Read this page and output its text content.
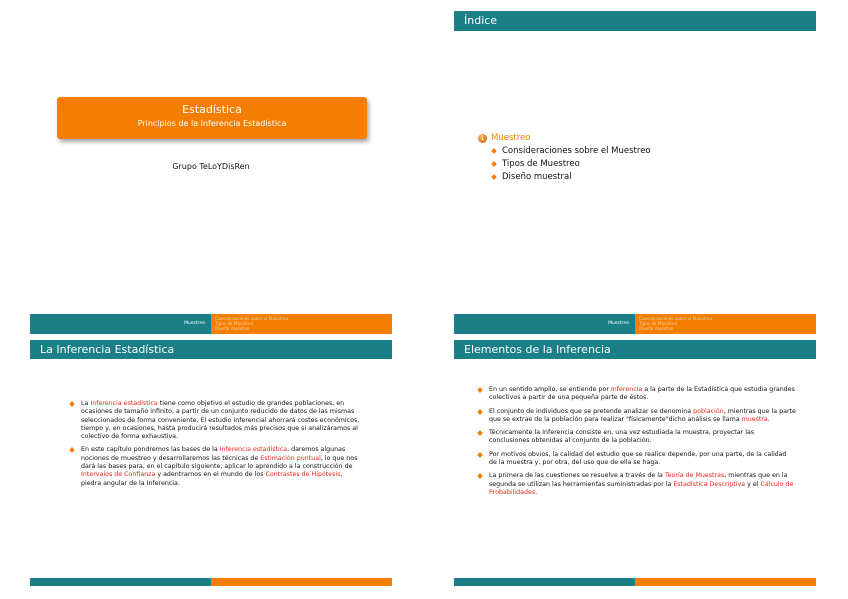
Estadística
Principios de la Inferencia Estadística
Grupo TeLoYDisRen
Índice
1 Muestreo
Consideraciones sobre el Muestreo
Tipos de Muestreo
Diseño muestral
Muestreo
Consideraciones sobre el Muestreo
Tipos de Muestreo
Diseño muestral
La Inferencia Estadística
La Inferencia estadística tiene como objetivo el estudio de grandes poblaciones, en ocasiones de tamaño infinito, a partir de un conjunto reducido de datos de las mismas seleccionados de forma conveniente. El estudio inferencial ahorrará costes económicos, tiempo y, en ocasiones, hasta producirá resultados más precisos que si analizáramos al colectivo de forma exhaustiva.
En este capítulo pondremos las bases de la Inferencia estadística, daremos algunas nociones de muestreo y desarrollaremos las técnicas de Estimación puntual, lo que nos dará las bases para, en el capítulo siguiente, aplicar lo aprendido a la construcción de Intervalos de Confianza y adentrarnos en el mundo de los Contrastes de Hipótesis, piedra angular de la Inferencia.
Grupo TeLoYDisRen	Estadística
Muestreo
Consideraciones sobre el Muestreo
Tipos de Muestreo
Diseño muestral
Elementos de la Inferencia
En un sentido amplio, se entiende por Inferencia a la parte de la Estadística que estudia grandes colectivos a partir de una pequeña parte de éstos.
El conjunto de individuos que se pretende analizar se denomina población, mientras que la parte que se extrae de la población para realizar "físicamente"dicho análisis se llama muestra.
Técnicamente la Inferencia consiste en, una vez estudiada la muestra, proyectar las conclusiones obtenidas al conjunto de la población.
Por motivos obvios, la calidad del estudio que se realice depende, por una parte, de la calidad de la muestra y, por otra, del uso que de ella se haga.
La primera de las cuestiones se resuelve a través de la Teoría de Muestras, mientras que en la segunda se utilizan las herramientas suministradas por la Estadística Descriptiva y el Cálculo de Probabilidades.
Grupo TeLoYDisRen	Estadística
